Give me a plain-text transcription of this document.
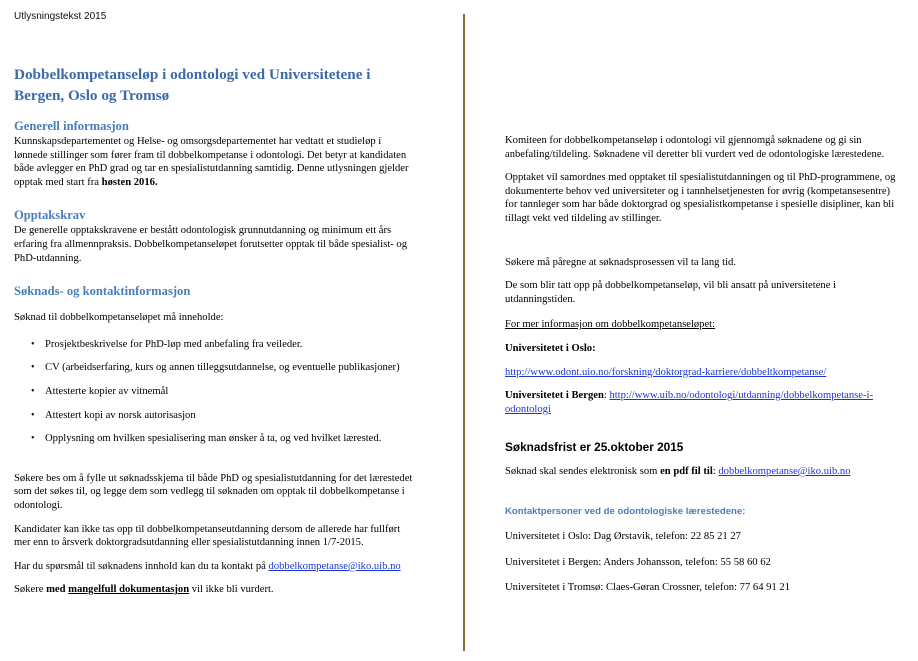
Utlysningstekst 2015
Dobbelkompetanseløp i odontologi ved Universitetene i Bergen, Oslo og Tromsø
Generell informasjon

Kunnskapsdepartementet og Helse- og omsorgsdepartementet har vedtatt et studieløp i lønnede stillinger som fører fram til dobbelkompetanse i odontologi. Det betyr at kandidaten både avlegger en PhD grad og tar en spesialistutdanning samtidig. Denne utlysningen gjelder opptak med start fra høsten 2016.

Opptakskrav

De generelle opptakskravene er bestått odontologisk grunnutdanning og minimum ett års erfaring fra allmennpraksis. Dobbelkompetanseløpet forutsetter opptak til både spesialist- og PhD-utdanning.

Søknads- og kontaktinformasjon

Søknad til dobbelkompetanseløpet må inneholde:

• Prosjektbeskrivelse for PhD-løp med anbefaling fra veileder.
• CV (arbeidserfaring, kurs og annen tilleggsutdannelse, og eventuelle publikasjoner)
• Attesterte kopier av vitnemål
• Attestert kopi av norsk autorisasjon
• Opplysning om hvilken spesialisering man ønsker å ta, og ved hvilket lærested.

Søkere bes om å fylle ut søknadsskjema til både PhD og spesialistutdanning for det lærestedet som det søkes til, og legge dem som vedlegg til søknaden om opptak til dobbelkompetanse i odontologi.

Kandidater kan ikke tas opp til dobbelkompetanseutdanning dersom de allerede har fullført mer enn to årsverk doktorgradsutdanning eller spesialistutdanning innen 1/7-2015.

Har du spørsmål til søknadens innhold kan du ta kontakt på dobbelkompetanse@iko.uib.no

Søkere med mangelfull dokumentasjon vil ikke bli vurdert.

Komiteen for dobbelkompetanseløp i odontologi vil gjennomgå søknadene og gi sin anbefaling/tildeling. Søknadene vil deretter bli vurdert ved de odontologiske lærestedene.

Opptaket vil samordnes med opptaket til spesialistutdanningen og til PhD-programmene, og dokumenterte behov ved universiteter og i tannhelsetjenesten for øvrig (kompetansesentre) for tannleger som har både doktorgrad og spesialistkompetanse i spesielle disipliner, kan bli tillagt vekt ved tildeling av stillinger.

Søkere må påregne at søknadsprosessen vil ta lang tid.

De som blir tatt opp på dobbelkompetanseløp, vil bli ansatt på universitetene i utdanningstiden.

For mer informasjon om dobbelkompetanseløpet:

Universitetet i Oslo:

http://www.odont.uio.no/forskning/doktorgrad-karriere/dobbeltkompetanse/

Universitetet i Bergen: http://www.uib.no/odontologi/utdanning/dobbelkompetanse-i-odontologi

Søknadsfrist er 25.oktober 2015

Søknad skal sendes elektronisk som en pdf fil til: dobbelkompetanse@iko.uib.no

Kontaktpersoner ved de odontologiske lærestedene:

Universitetet i Oslo: Dag Ørstavik, telefon: 22 85 21 27

Universitetet i Bergen: Anders Johansson, telefon: 55 58 60 62

Universitetet i Tromsø: Claes-Gøran Crossner, telefon: 77 64 91 21
